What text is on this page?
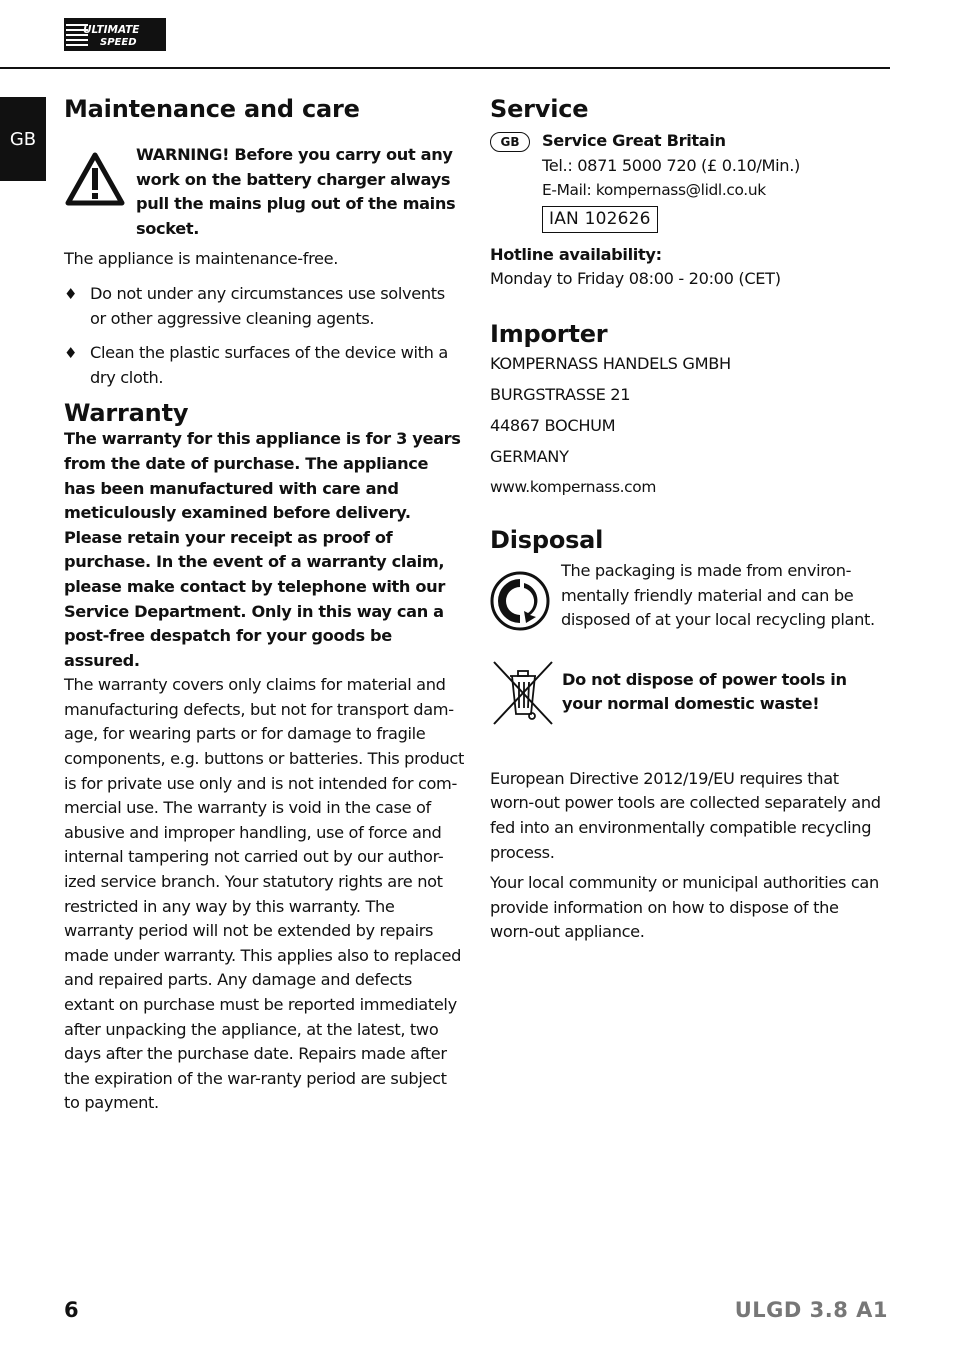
ULTIMATE
SPEED
GB
Maintenance and care

WARNING! Before you carry out any work on the battery charger always pull the mains plug out of the mains socket.

The appliance is maintenance-free.

♦ Do not under any circumstances use solvents or other aggressive cleaning agents.

♦ Clean the plastic surfaces of the device with a dry cloth.

Warranty

The warranty for this appliance is for 3 years from the date of purchase. The appliance has been manufactured with care and meticulously examined before delivery. Please retain your receipt as proof of purchase. In the event of a warranty claim, please make contact by telephone with our Service Department. Only in this way can a post-free despatch for your goods be assured.

The warranty covers only claims for material and manufacturing defects, but not for transport dam-age, for wearing parts or for damage to fragile components, e.g. buttons or batteries. This product is for private use only and is not intended for com-mercial use. The warranty is void in the case of abusive and improper handling, use of force and internal tampering not carried out by our author-ized service branch. Your statutory rights are not restricted in any way by this warranty. The warranty period will not be extended by repairs made under warranty. This applies also to replaced and repaired parts. Any damage and defects extant on purchase must be reported immediately after unpacking the appliance, at the latest, two days after the purchase date. Repairs made after the expiration of the war-ranty period are subject to payment.

Service
GB	Service Great Britain

Tel.: 0871 5000 720 (£ 0.10/Min.)

E-Mail: kompernass@lidl.co.uk

IAN 102626

Hotline availability:

Monday to Friday 08:00 - 20:00 (CET)

Importer

KOMPERNASS HANDELS GMBH

BURGSTRASSE 21

44867 BOCHUM

GERMANY

www.kompernass.com

Disposal

The packaging is made from environ-mentally friendly material and can be disposed of at your local recycling plant.

Do not dispose of power tools in your normal domestic waste!

European Directive 2012/19/EU requires that worn-out power tools are collected separately and fed into an environmentally compatible recycling process.

Your local community or municipal authorities can provide information on how to dispose of the worn-out appliance.

6	ULGD 3.8 A1
